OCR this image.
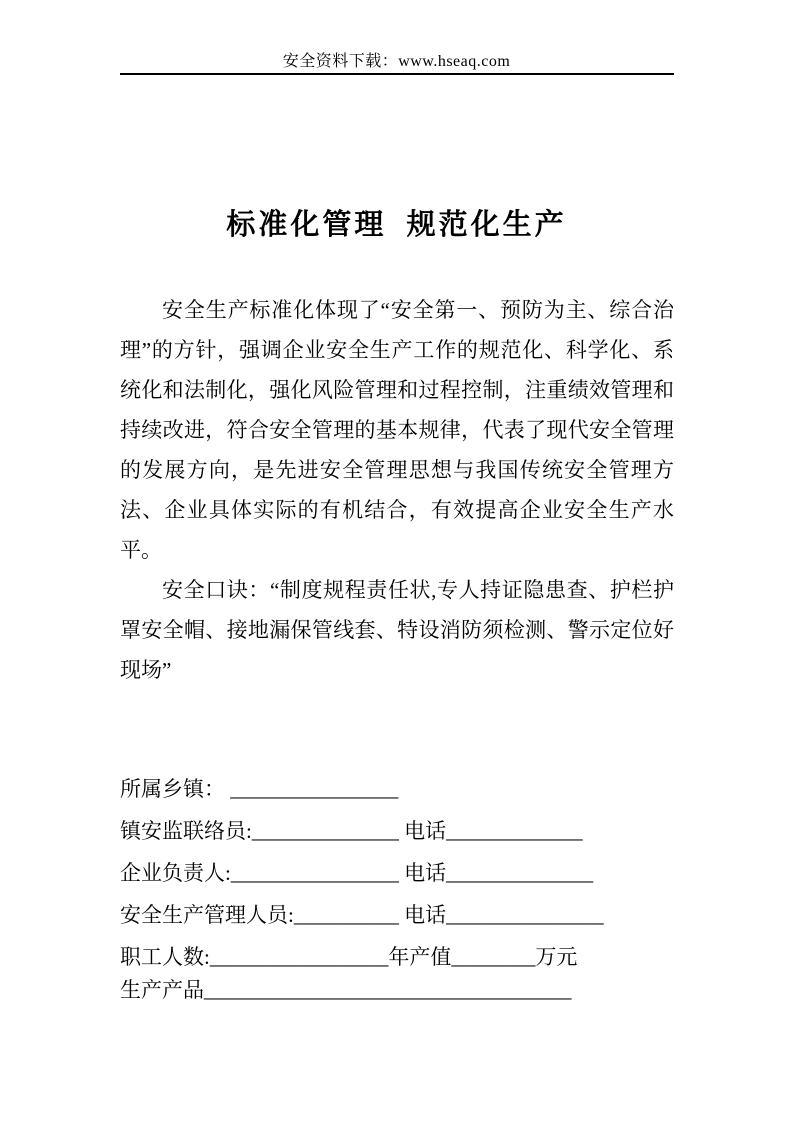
安全资料下载：www.hseaq.com
标准化管理 规范化生产

安全生产标准化体现了“安全第一、预防为主、综合治理”的方针，强调企业安全生产工作的规范化、科学化、系统化和法制化，强化风险管理和过程控制，注重绩效管理和持续改进，符合安全管理的基本规律，代表了现代安全管理的发展方向，是先进安全管理思想与我国传统安全管理方法、企业具体实际的有机结合，有效提高企业安全生产水平。

安全口诀：“制度规程责任状,专人持证隐患查、护栏护罩安全帽、接地漏保管线套、特设消防须检测、警示定位好现场”

所属乡镇： ________________
镇安监联络员:______________ 电话_____________
企业负责人:________________ 电话______________
安全生产管理人员:__________ 电话_______________
职工人数:_________________年产值________万元
生产产品___________________________________
